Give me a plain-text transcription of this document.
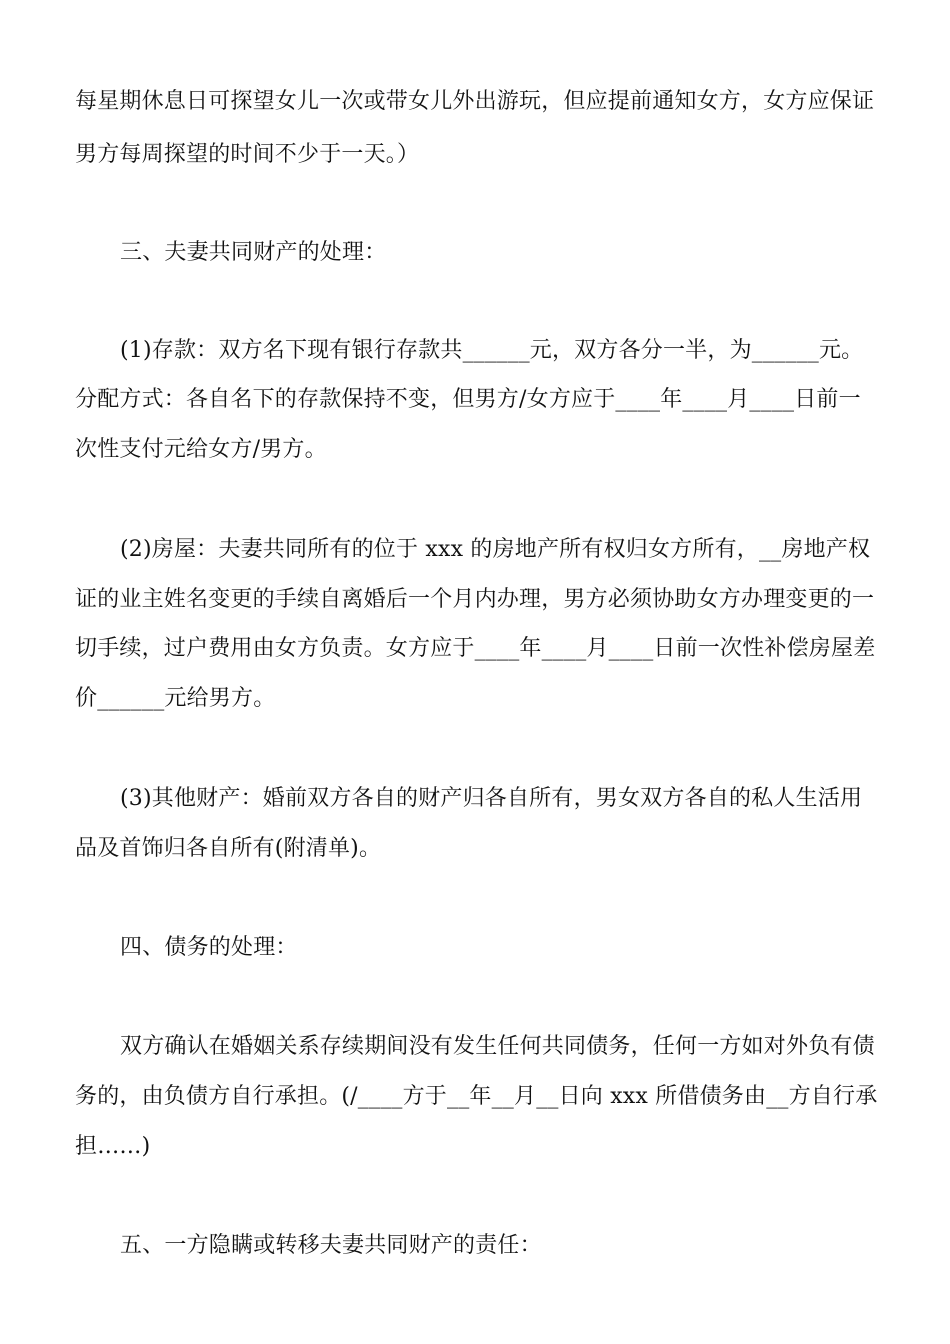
每星期休息日可探望女儿一次或带女儿外出游玩，但应提前通知女方，女方应保证
男方每周探望的时间不少于一天。）
三、夫妻共同财产的处理：
(1)存款：双方名下现有银行存款共______元，双方各分一半，为______元。
分配方式：各自名下的存款保持不变，但男方/女方应于____年____月____日前一
次性支付元给女方/男方。
(2)房屋：夫妻共同所有的位于 xxx 的房地产所有权归女方所有，__房地产权
证的业主姓名变更的手续自离婚后一个月内办理，男方必须协助女方办理变更的一
切手续，过户费用由女方负责。女方应于____年____月____日前一次性补偿房屋差
价______元给男方。
(3)其他财产：婚前双方各自的财产归各自所有，男女双方各自的私人生活用
品及首饰归各自所有(附清单)。
四、债务的处理：
双方确认在婚姻关系存续期间没有发生任何共同债务，任何一方如对外负有债
务的，由负债方自行承担。(/____方于__年__月__日向 xxx 所借债务由__方自行承
担……)
五、一方隐瞒或转移夫妻共同财产的责任：
